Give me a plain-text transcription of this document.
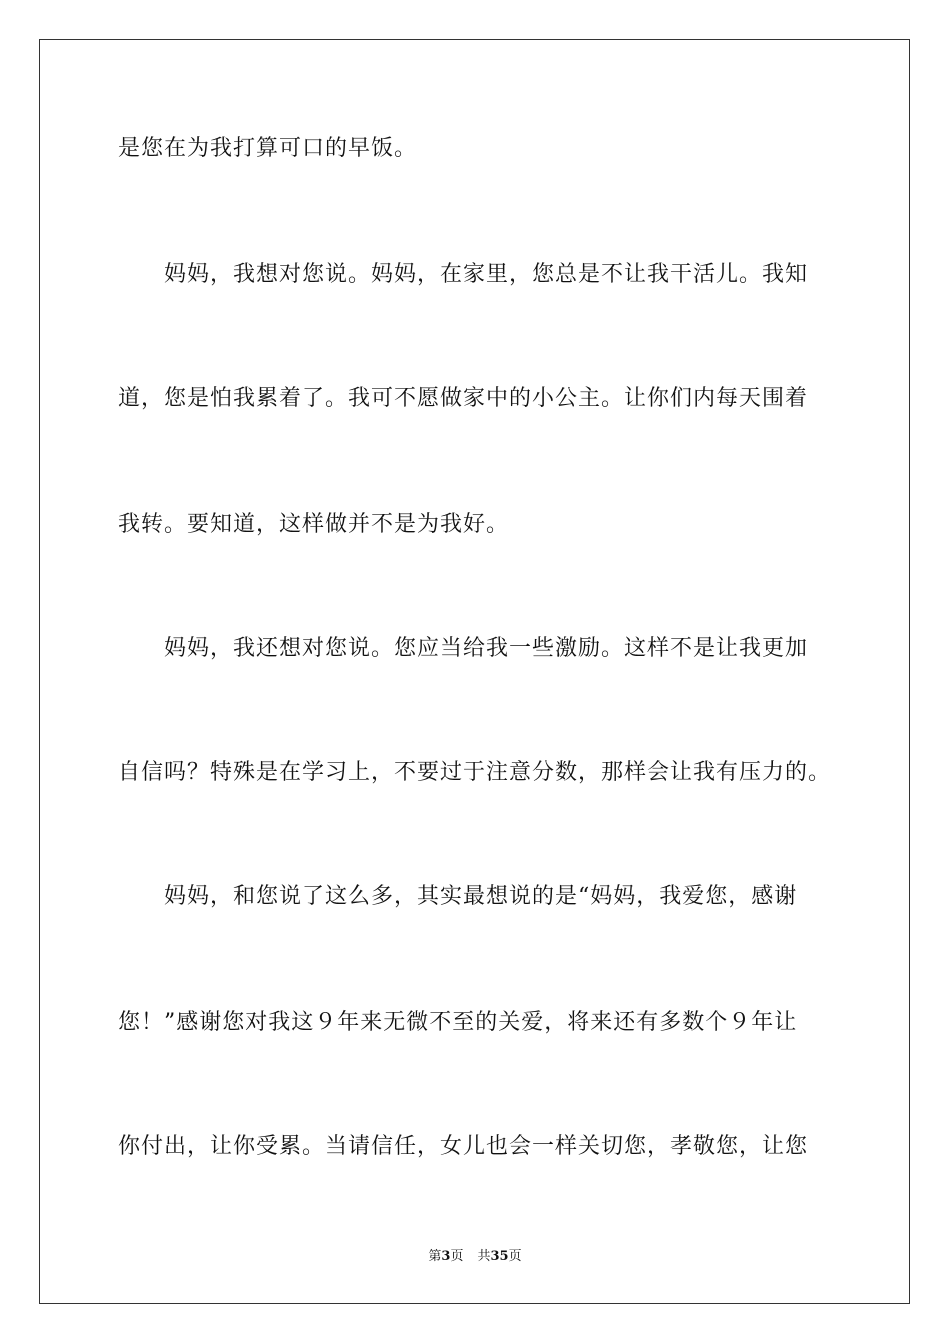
是您在为我打算可口的早饭。
妈妈，我想对您说。妈妈，在家里，您总是不让我干活儿。我知
道，您是怕我累着了。我可不愿做家中的小公主。让你们内每天围着
我转。要知道，这样做并不是为我好。
妈妈，我还想对您说。您应当给我一些激励。这样不是让我更加
自信吗？特殊是在学习上，不要过于注意分数，那样会让我有压力的。
妈妈，和您说了这么多，其实最想说的是“妈妈，我爱您，感谢
您！”感谢您对我这９年来无微不至的关爱，将来还有多数个９年让
你付出，让你受累。当请信任，女儿也会一样关切您，孝敬您，让您
第3页 共35页
